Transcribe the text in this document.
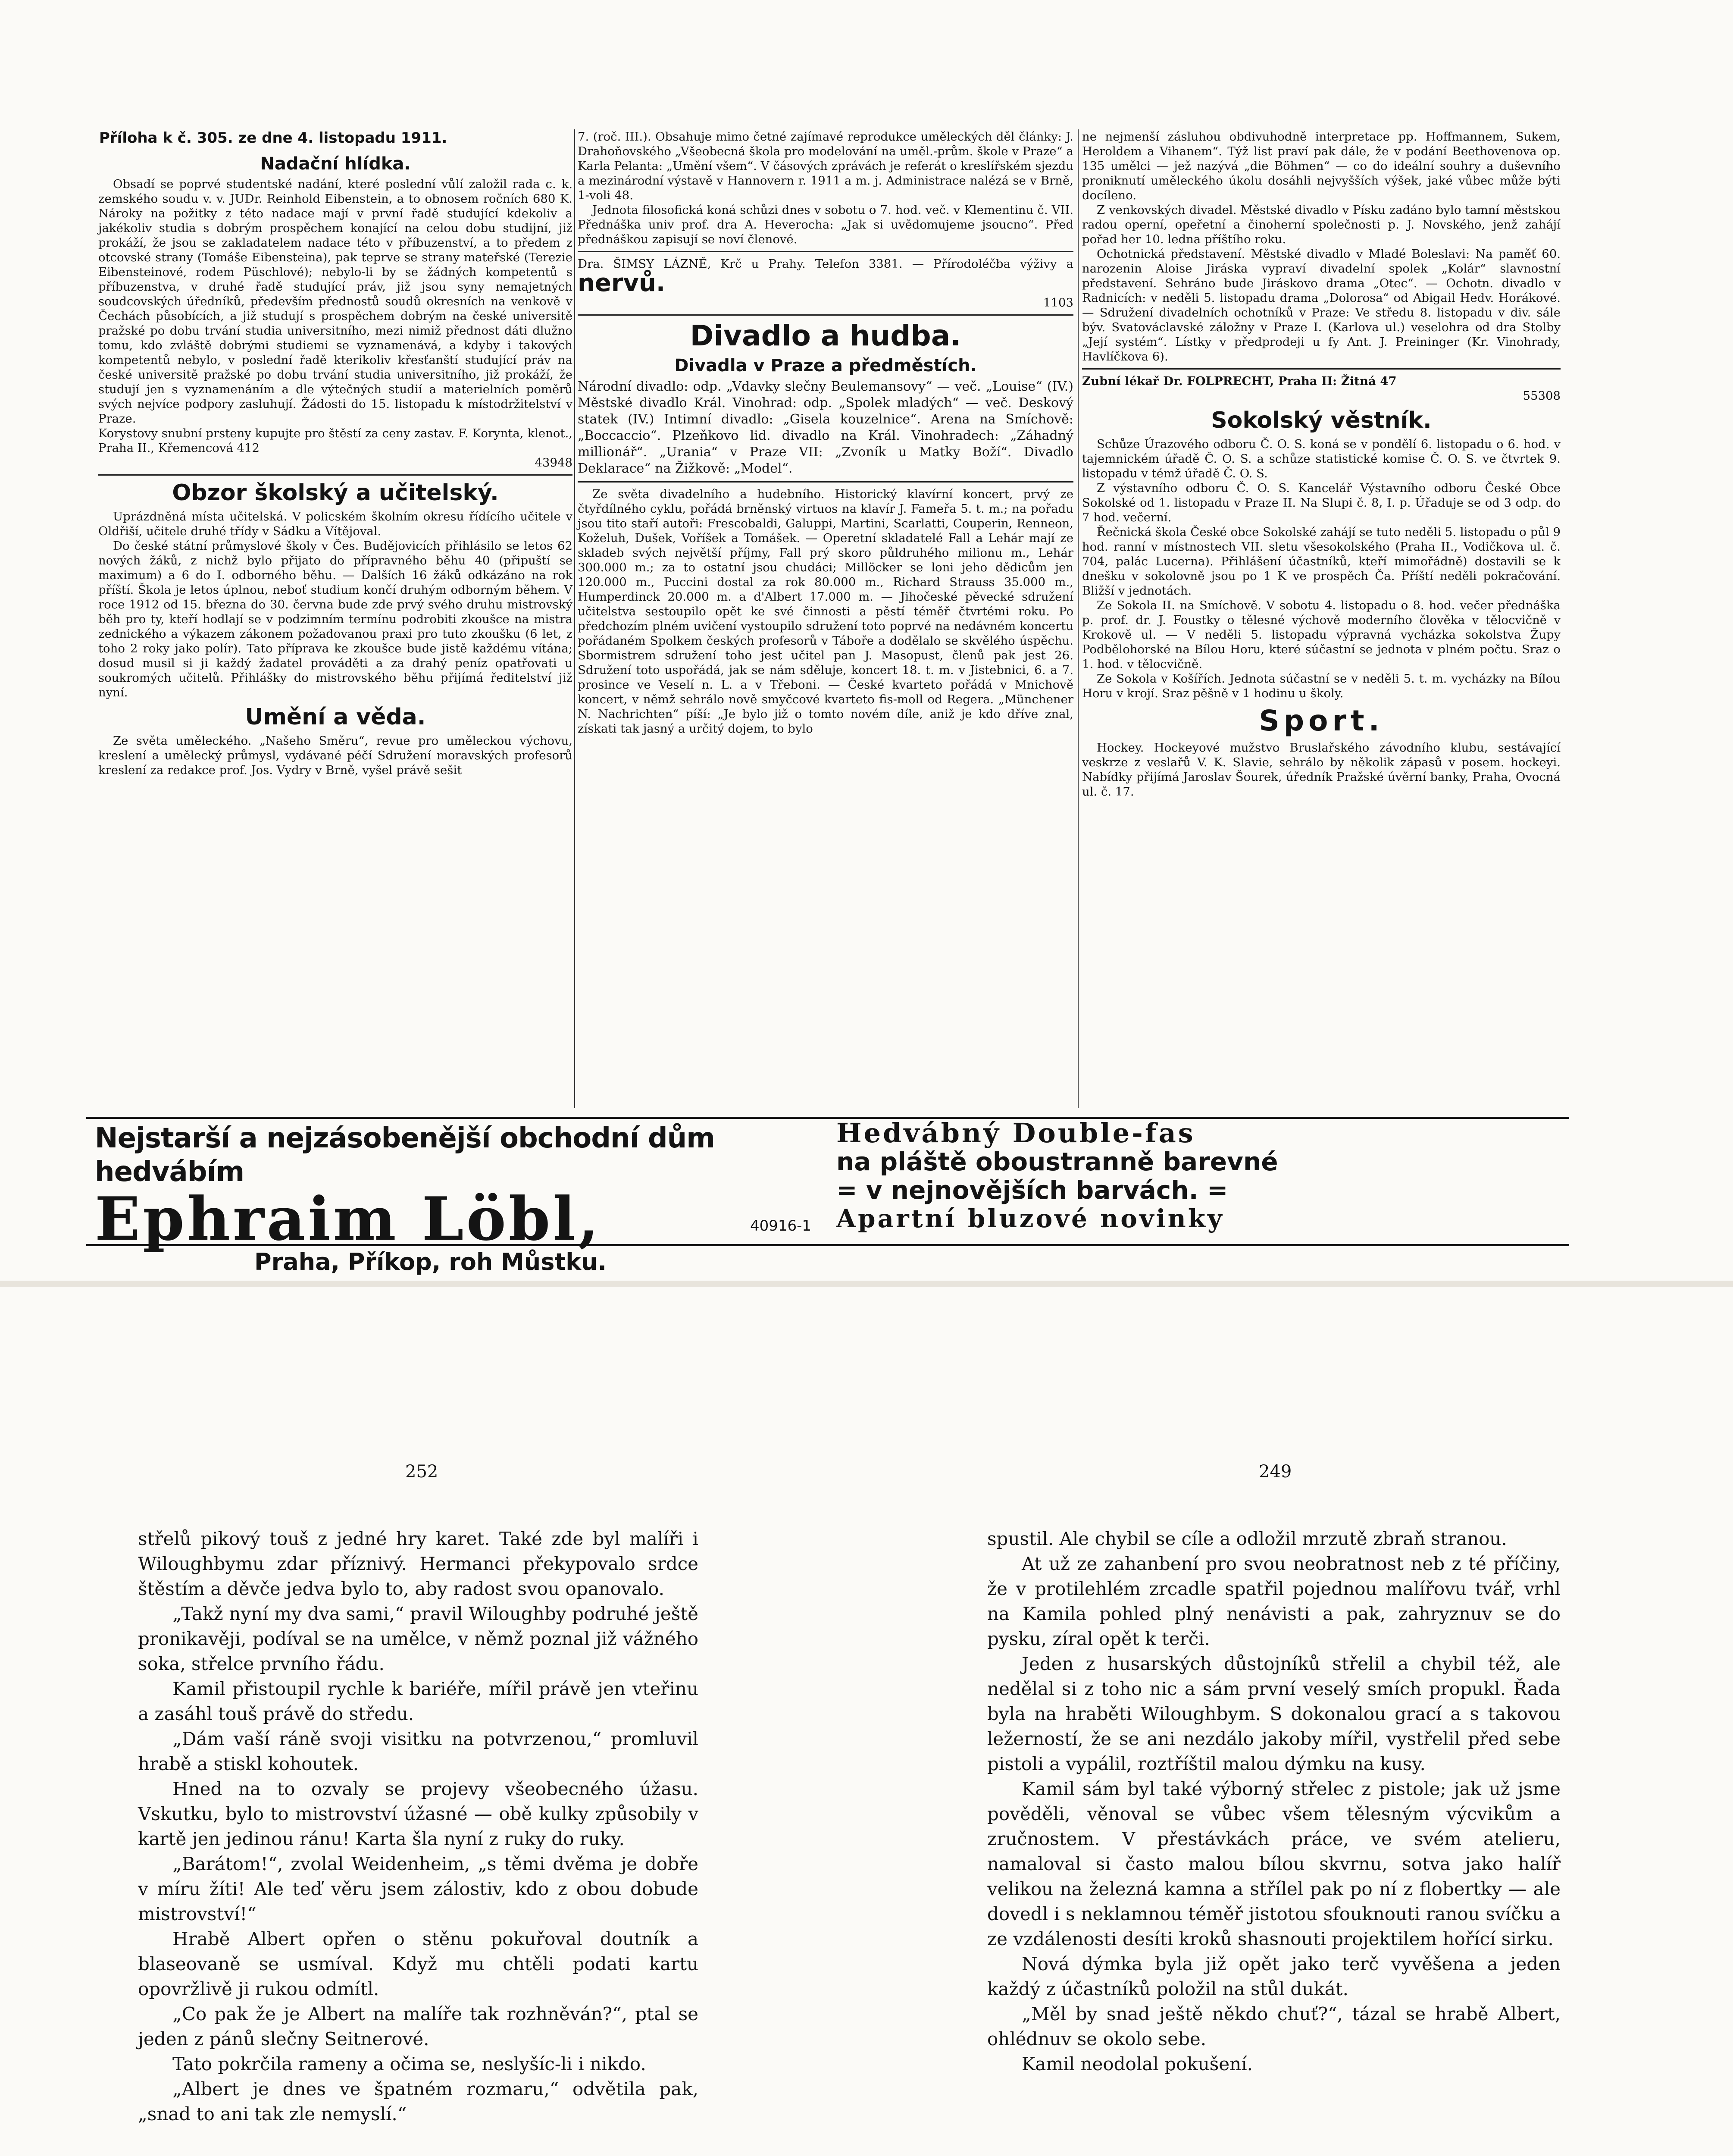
Příloha k č. 305. ze dne 4. listopadu 1911.
Nadační hlídka.

Obsadí se poprvé studentské nadání, které poslední vůlí založil rada c. k. zemského soudu v. v. JUDr. Reinhold Eibenstein, a to obnosem ročních 680 K. Nároky na požitky z této nadace mají v první řadě studující kdekoliv a jakékoliv studia s dobrým prospěchem konající na celou dobu studijní, již prokáží, že jsou se zakladatelem nadace této v příbuzenství, a to předem z otcovské strany (Tomáše Eibensteina), pak teprve se strany mateřské (Terezie Eibensteinové, rodem Püschlové); nebylo-li by se žádných kompetentů s příbuzenstva, v druhé řadě studující práv, již jsou syny nemajetných soudcovských úředníků, především přednostů soudů okresních na venkově v Čechách působících, a již studují s prospěchem dobrým na české universitě pražské po dobu trvání studia universitního, mezi nimiž přednost dáti dlužno tomu, kdo zvláště dobrými studiemi se vyznamenává, a kdyby i takových kompetentů nebylo, v poslední řadě kterikoliv křesťanští studující práv na české universitě pražské po dobu trvání studia universitního, již prokáží, že studují jen s vyznamenáním a dle výtečných studií a materielních poměrů svých nejvíce podpory zasluhují. Žádosti do 15. listopadu k místodržitelství v Praze.

Korystovy snubní prsteny kupujte pro štěstí za ceny zastav. F. Korynta, klenot., Praha II., Křemencová 412

43948
Obzor školský a učitelský.

Uprázdněná místa učitelská. V policském školním okresu řídícího učitele v Oldřiší, učitele druhé třídy v Sádku a Vítějoval.

Do české státní průmyslové školy v Čes. Budějovicích přihlásilo se letos 62 nových žáků, z nichž bylo přijato do přípravného běhu 40 (připuští se maximum) a 6 do I. odborného běhu. — Dalších 16 žáků odkázáno na rok příští. Škola je letos úplnou, neboť studium končí druhým odborným během. V roce 1912 od 15. března do 30. června bude zde prvý svého druhu mistrovský běh pro ty, kteří hodlají se v podzimním termínu podrobiti zkoušce na mistra zednického a výkazem zákonem požadovanou praxi pro tuto zkoušku (6 let, z toho 2 roky jako polír). Tato příprava ke zkoušce bude jistě každému vítána; dosud musil si ji každý žadatel prováděti a za drahý peníz opatřovati u soukromých učitelů. Přihlášky do mistrovského běhu přijímá ředitelství již nyní.

Umění a věda.

Ze světa uměleckého. „Našeho Směru“, revue pro uměleckou výchovu, kreslení a umělecký průmysl, vydávané péčí Sdružení moravských profesorů kreslení za redakce prof. Jos. Vydry v Brně, vyšel právě sešit

7. (roč. III.). Obsahuje mimo četné zajímavé reprodukce uměleckých děl články: J. Drahoňovského „Všeobecná škola pro modelování na uměl.-prům. škole v Praze“ a Karla Pelanta: „Umění všem“. V čásových zprávách je referát o kreslířském sjezdu a mezinárodní výstavě v Hannovern r. 1911 a m. j. Administrace nalézá se v Brně, 1-voli 48.

Jednota filosofická koná schůzi dnes v sobotu o 7. hod. več. v Klementinu č. VII. Přednáška univ prof. dra A. Heverocha: „Jak si uvědomujeme jsoucno“. Před přednáškou zapisují se noví členové.

Dra. ŠIMSY LÁZNĚ, Krč u Prahy. Telefon 3381. — Přírodoléčba výživy a nervů.

1103
Divadlo a hudba.
Divadla v Praze a předměstích.

Národní divadlo: odp. „Vdavky slečny Beulemansovy“ — več. „Louise“ (IV.) Městské divadlo Král. Vinohrad: odp. „Spolek mladých“ — več. Deskový statek (IV.) Intimní divadlo: „Gisela kouzelnice“. Arena na Smíchově: „Boccaccio“. Plzeňkovo lid. divadlo na Král. Vinohradech: „Záhadný millionář“. „Urania“ v Praze VII: „Zvoník u Matky Boží“. Divadlo Deklarace“ na Žižkově: „Model“.

Ze světa divadelního a hudebního. Historický klavírní koncert, prvý ze čtyřdílného cyklu, pořádá brněnský virtuos na klavír J. Fameřa 5. t. m.; na pořadu jsou tito staří autoři: Frescobaldi, Galuppi, Martini, Scarlatti, Couperin, Renneon, Koželuh, Dušek, Voříšek a Tomášek. — Operetní skladatelé Fall a Lehár mají ze skladeb svých největší příjmy, Fall prý skoro půldruhého milionu m., Lehár 300.000 m.; za to ostatní jsou chudáci; Millöcker se loni jeho dědicům jen 120.000 m., Puccini dostal za rok 80.000 m., Richard Strauss 35.000 m., Humperdinck 20.000 m. a d'Albert 17.000 m. — Jihočeské pěvecké sdružení učitelstva sestoupilo opět ke své činnosti a pěstí téměř čtvrtémi roku. Po předchozím plném uvičení vystoupilo sdružení toto poprvé na nedávném koncertu pořádaném Spolkem českých profesorů v Táboře a dodělalo se skvělého úspěchu. Sbormistrem sdružení toho jest učitel pan J. Masopust, členů pak jest 26. Sdružení toto uspořádá, jak se nám sděluje, koncert 18. t. m. v Jistebnici, 6. a 7. prosince ve Veselí n. L. a v Třeboni. — České kvarteto pořádá v Mnichově koncert, v němž sehrálo nově smyčcové kvarteto fis-moll od Regera. „Münchener N. Nachrichten“ píší: „Je bylo již o tomto novém díle, aniž je kdo dříve znal, získati tak jasný a určitý dojem, to bylo

ne nejmenší zásluhou obdivuhodně interpretace pp. Hoffmannem, Sukem, Heroldem a Vihanem“. Týž list praví pak dále, že v podání Beethovenova op. 135 umělci — jež nazývá „die Böhmen“ — co do ideální souhry a duševního proniknutí uměleckého úkolu dosáhli nejvyšších výšek, jaké vůbec může býti docíleno.

Z venkovských divadel. Městské divadlo v Písku zadáno bylo tamní městskou radou operní, opeřetní a činoherní společnosti p. J. Novského, jenž zahájí pořad her 10. ledna příštího roku.

Ochotnická představení. Městské divadlo v Mladé Boleslavi: Na paměť 60. narozenin Aloise Jiráska vypraví divadelní spolek „Kolár“ slavnostní představení. Sehráno bude Jiráskovo drama „Otec“. — Ochotn. divadlo v Radnicích: v neděli 5. listopadu drama „Dolorosa“ od Abigail Hedv. Horákové. — Sdružení divadelních ochotníků v Praze: Ve středu 8. listopadu v div. sále býv. Svatováclavské záložny v Praze I. (Karlova ul.) veselohra od dra Stolby „Její systém“. Lístky v předprodeji u fy Ant. J. Preininger (Kr. Vinohrady, Havlíčkova 6).

Zubní lékař Dr. FOLPRECHT, Praha II: Žitná 47

55308
Sokolský věstník.

Schůze Úrazového odboru Č. O. S. koná se v pondělí 6. listopadu o 6. hod. v tajemnickém úřadě Č. O. S. a schůze statistické komise Č. O. S. ve čtvrtek 9. listopadu v témž úřadě Č. O. S.

Z výstavního odboru Č. O. S. Kancelář Výstavního odboru České Obce Sokolské od 1. listopadu v Praze II. Na Slupi č. 8, I. p. Úřaduje se od 3 odp. do 7 hod. večerní.

Řečnická škola České obce Sokolské zahájí se tuto neděli 5. listopadu o půl 9 hod. ranní v místnostech VII. sletu všesokolského (Praha II., Vodičkova ul. č. 704, palác Lucerna). Přihlášení účastníků, kteří mimořádně) dostavili se k dnešku v sokolovně jsou po 1 K ve prospěch Ča. Příští neděli pokračování. Bližší v jednotách.

Ze Sokola II. na Smíchově. V sobotu 4. listopadu o 8. hod. večer přednáška p. prof. dr. J. Foustky o tělesné výchově moderního člověka v tělocvičně v Krokově ul. — V neděli 5. listopadu výpravná vycházka sokolstva Župy Podbělohorské na Bílou Horu, které súčastní se jednota v plném počtu. Sraz o 1. hod. v tělocvičně.

Ze Sokola v Košířích. Jednota súčastní se v neděli 5. t. m. vycházky na Bílou Horu v krojí. Sraz pěšně v 1 hodinu u školy.

Sport.

Hockey. Hockeyové mužstvo Bruslařského závodního klubu, sestávající veskrze z veslařů V. K. Slavie, sehrálo by několik zápasů v posem. hockeyi. Nabídky přijímá Jaroslav Šourek, úředník Pražské úvěrní banky, Praha, Ovocná ul. č. 17.

Nejstarší a nejzásobenější obchodní dům hedvábím
Ephraim Löbl,
Praha, Příkop, roh Můstku.
40916-1
Hedvábný Double-fas
na pláště oboustranně barevné
= v nejnovějších barvách. =
Apartní bluzové novinky
252	249

střelů pikový touš z jedné hry karet. Také zde byl malíři i Wiloughbymu zdar příznivý. Hermanci překypovalo srdce štěstím a děvče jedva bylo to, aby radost svou opanovalo.

„Takž nyní my dva sami,“ pravil Wiloughby podruhé ještě pronikavěji, podíval se na umělce, v němž poznal již vážného soka, střelce prvního řádu.

Kamil přistoupil rychle k bariéře, mířil právě jen vteřinu a zasáhl touš právě do středu.

„Dám vaší ráně svoji visitku na potvrzenou,“ promluvil hrabě a stiskl kohoutek.

Hned na to ozvaly se projevy všeobecného úžasu. Vskutku, bylo to mistrovství úžasné — obě kulky způsobily v kartě jen jedinou ránu! Karta šla nyní z ruky do ruky.

„Barátom!“, zvolal Weidenheim, „s těmi dvěma je dobře v míru žíti! Ale teď věru jsem zálostiv, kdo z obou dobude mistrovství!“

Hrabě Albert opřen o stěnu pokuřoval doutník a blaseovaně se usmíval. Když mu chtěli podati kartu opovržlivě ji rukou odmítl.

„Co pak že je Albert na malíře tak rozhněván?“, ptal se jeden z pánů slečny Seitnerové.

Tato pokrčila rameny a očima se, neslyšíc-li i nikdo.

„Albert je dnes ve špatném rozmaru,“ odvětila pak, „snad to ani tak zle nemyslí.“

spustil. Ale chybil se cíle a odložil mrzutě zbraň stranou.

At už ze zahanbení pro svou neobratnost neb z té příčiny, že v protilehlém zrcadle spatřil pojednou malířovu tvář, vrhl na Kamila pohled plný nenávisti a pak, zahryznuv se do pysku, zíral opět k terči.

Jeden z husarských důstojníků střelil a chybil též, ale nedělal si z toho nic a sám první veselý smích propukl. Řada byla na hraběti Wiloughbym. S dokonalou grací a s takovou ležerností, že se ani nezdálo jakoby mířil, vystřelil před sebe pistoli a vypálil, roztříštil malou dýmku na kusy.

Kamil sám byl také výborný střelec z pistole; jak už jsme pověděli, věnoval se vůbec všem tělesným výcvikům a zručnostem. V přestávkách práce, ve svém atelieru, namaloval si často malou bílou skvrnu, sotva jako halíř velikou na železná kamna a střílel pak po ní z flobertky — ale dovedl i s neklamnou téměř jistotou sfouknouti ranou svíčku a ze vzdálenosti desíti kroků shasnouti projektilem hořící sirku.

Nová dýmka byla již opět jako terč vyvěšena a jeden každý z účastníků položil na stůl dukát.

„Měl by snad ještě někdo chuť?“, tázal se hrabě Albert, ohlédnuv se okolo sebe.

Kamil neodolal pokušení.
